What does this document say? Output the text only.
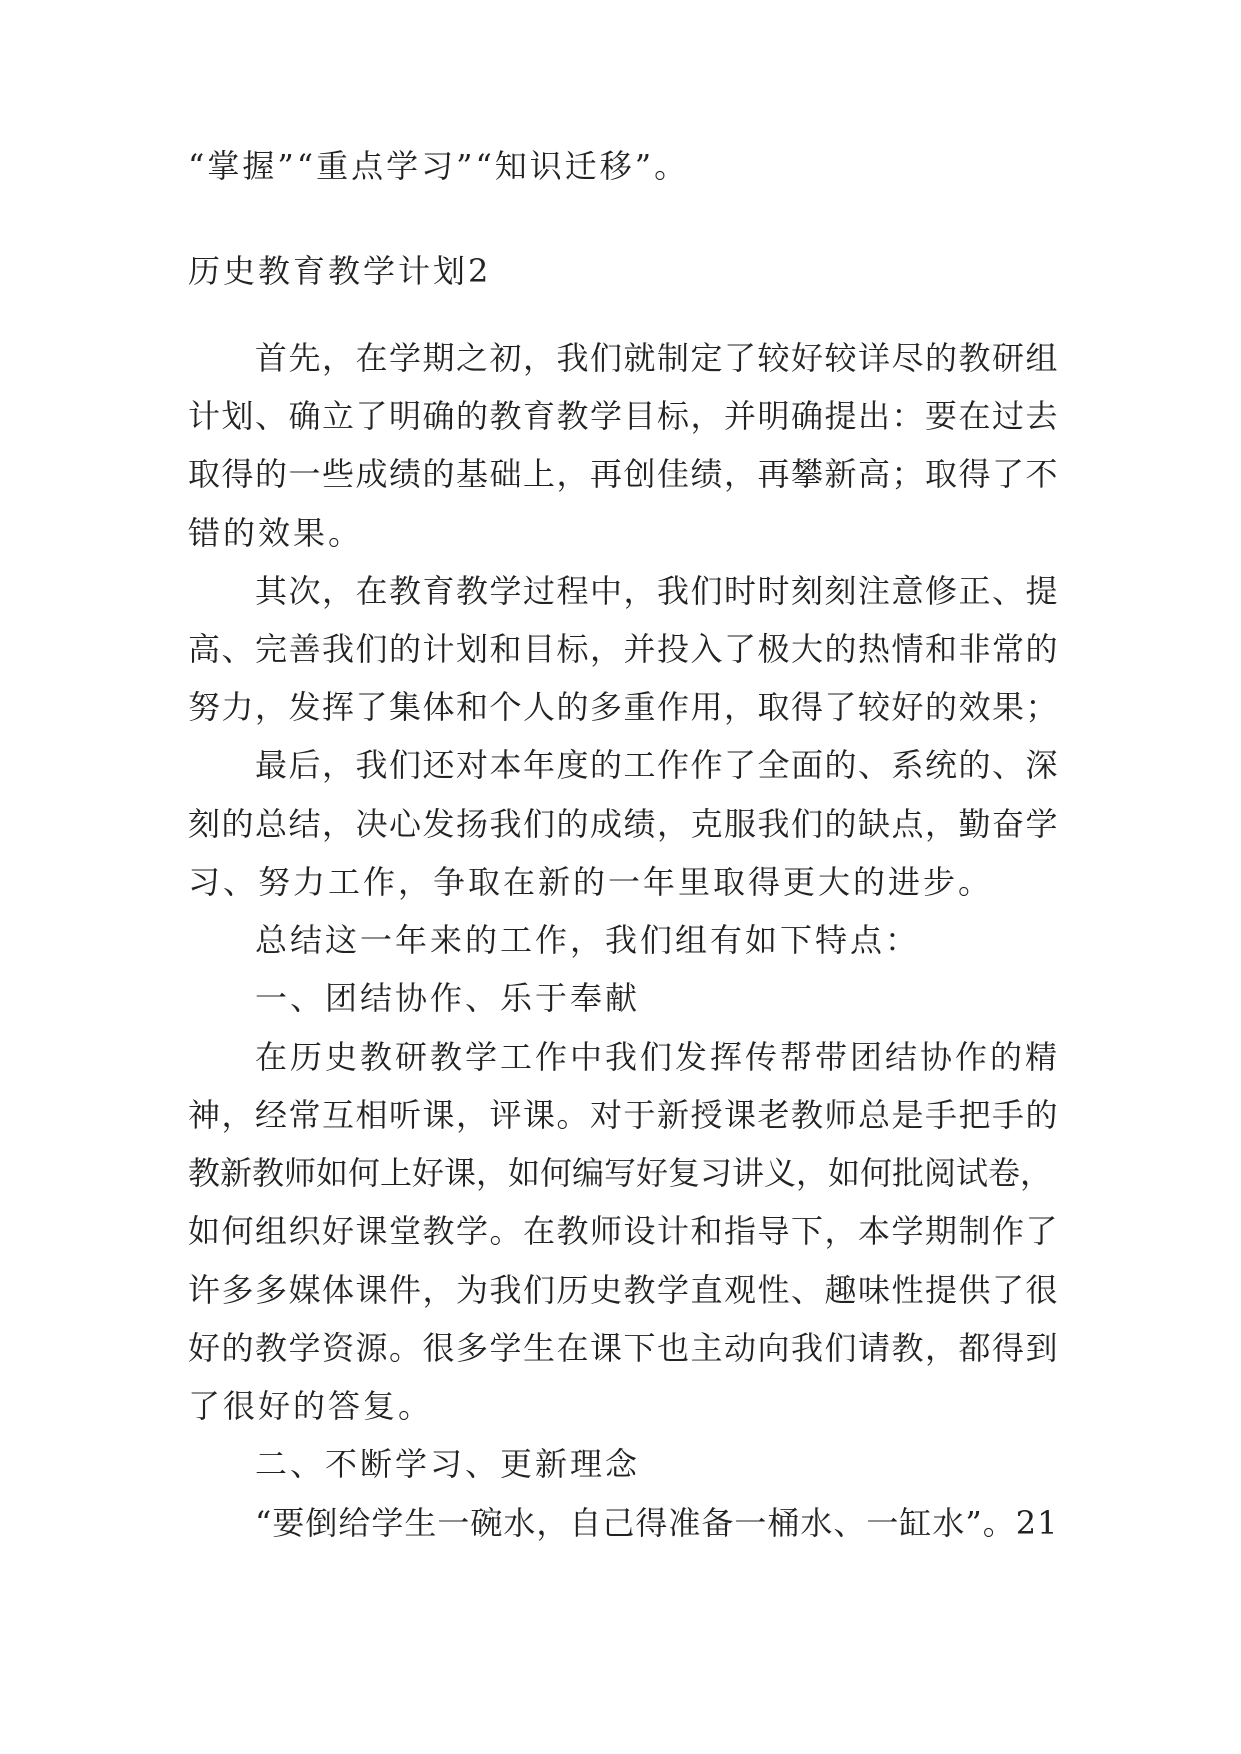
“掌握”“重点学习”“知识迁移”。
历史教育教学计划2
首先，在学期之初，我们就制定了较好较详尽的教研组
计划、确立了明确的教育教学目标，并明确提出：要在过去
取得的一些成绩的基础上，再创佳绩，再攀新高；取得了不
错的效果。
其次，在教育教学过程中，我们时时刻刻注意修正、提
高、完善我们的计划和目标，并投入了极大的热情和非常的
努力，发挥了集体和个人的多重作用，取得了较好的效果；
最后，我们还对本年度的工作作了全面的、系统的、深
刻的总结，决心发扬我们的成绩，克服我们的缺点，勤奋学
习、努力工作，争取在新的一年里取得更大的进步。
总结这一年来的工作，我们组有如下特点：
一、团结协作、乐于奉献
在历史教研教学工作中我们发挥传帮带团结协作的精
神，经常互相听课，评课。对于新授课老教师总是手把手的
教新教师如何上好课，如何编写好复习讲义，如何批阅试卷，
如何组织好课堂教学。在教师设计和指导下，本学期制作了
许多多媒体课件，为我们历史教学直观性、趣味性提供了很
好的教学资源。很多学生在课下也主动向我们请教，都得到
了很好的答复。
二、不断学习、更新理念
“要倒给学生一碗水，自己得准备一桶水、一缸水”。21
